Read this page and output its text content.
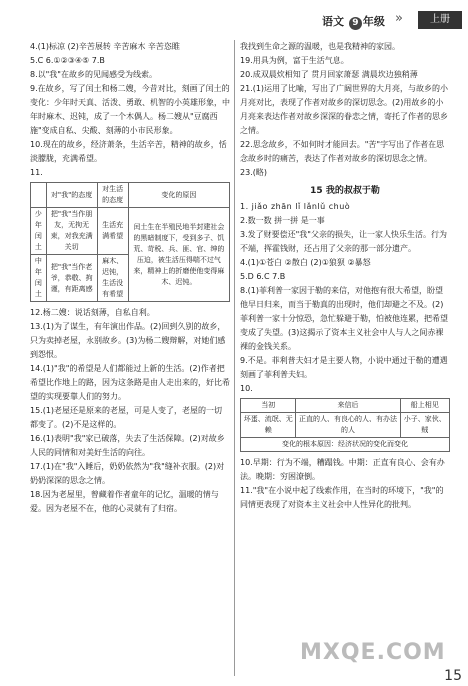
语文 9 年级 »	上册

4.(1)标凉 (2)辛苦展转 辛苦麻木 辛苦恣睢

5.C 6.①②③④⑤ 7.B

8.以"我"在故乡的见闻感受为线索。

9.在故乡，写了闰土和杨二嫂，今昔对比，刻画了闰土的变化：少年时天真、活泼、勇敢、机智的小英雄形象，中年时麻木、迟钝，成了一个木偶人。杨二嫂从"豆腐西施"变成自私、尖酸、刻薄的小市民形象。

10.现在的故乡，经济萧条，生活辛苦，精神的故乡，恬淡朦胧，充满希望。

11.

	对"我"的态度	对生活的态度	变化的原因
少年闰土	把"我"当作朋友，无拘无束，对我充满关切	生活充满希望	闰土生在半殖民地半封建社会的黑暗制度下，受到多子、饥荒、苛税、兵、匪、官、绅的压迫，被生活压得喘不过气来，精神上的折磨使他变得麻木、迟钝。
中年闰土	把"我"当作老爷，恭敬、拘谨，有距离感	麻木、迟钝，生活没有希望	

12.杨二嫂：说话刻薄，自私自利。

13.(1)为了谋生，有年演出作品。(2)回到久别的故乡，只为卖掉老屋，永别故乡。(3)为杨二嫂辩解，对她们感到怨恨。

14.(1)"我"的希望是人们都能过上新的生活。(2)作者把希望比作地上的路，因为这条路是由人走出来的，好比希望的实现要靠人们的努力。

15.(1)老屋还是原来的老屋，可是人变了，老屋的一切都变了。(2)不是这样的。

16.(1)表明"我"家已破落，失去了生活保障。(2)对故乡人民的同情和对美好生活的向往。

17.(1)在"我"入睡后，奶奶依然为"我"缝补衣服。(2)对奶奶深深的思念之情。

18.因为老屋里，曾藏着作者童年的记忆，温暖的情与爱。因为老屋不在，他的心灵就有了归宿。

我找到生命之源的温暖，也是我精神的家园。

19.用具为例，富于生活气息。

20.成双晨炊相知了 贯月回家萧瑟 满晨坎边独稍薄

21.(1)运用了比喻，写出了广阔世界的大月亮，与故乡的小月亮对比，表现了作者对故乡的深切思念。(2)用故乡的小月亮来表达作者对故乡深深的眷恋之情，寄托了作者的思乡之情。

22.思念故乡，不如何时才能回去。"苦"字写出了作者在思念故乡时的痛苦，表达了作者对故乡的深切思念之情。

23.(略)

15 我的叔叔于勒

1. jiǎo zhān lǐ lǎnlǔ chuò

2.数一数 拼一拼 是一事

3.发了财要偿还"我"父亲的损失，让一家人快乐生活。行为不端，挥霍钱财，还占用了父亲的那一部分遗产。

4.(1)①苍白 ②散白 (2)①狼狈 ②暴怒

5.D 6.C 7.B

8.(1)菲利普一家因于勒的来信，对他抱有很大希望，盼望他早日归来，而当于勒真的出现时，他们却避之不及。(2)菲利普一家十分惊恐，急忙躲避于勒，怕被他连累，把希望变成了失望。(3)这揭示了资本主义社会中人与人之间赤裸裸的金钱关系。

9.不是。菲利普夫妇才是主要人物，小说中通过于勒的遭遇刻画了菲利普夫妇。

10.

当初	来信后	船上相见
坏蛋、流氓、无赖	正直的人、有良心的人、有办法的人	小子、家伙、贼
变化的根本原因：经济状况的变化而变化		

10.早期：行为不端，糟蹋钱。中期：正直有良心、会有办法。晚期：穷困潦倒。

11."我"在小说中起了线索作用，在当时的环境下，"我"的同情更表现了对资本主义社会中人性异化的批判。

MXQE.COM
15
